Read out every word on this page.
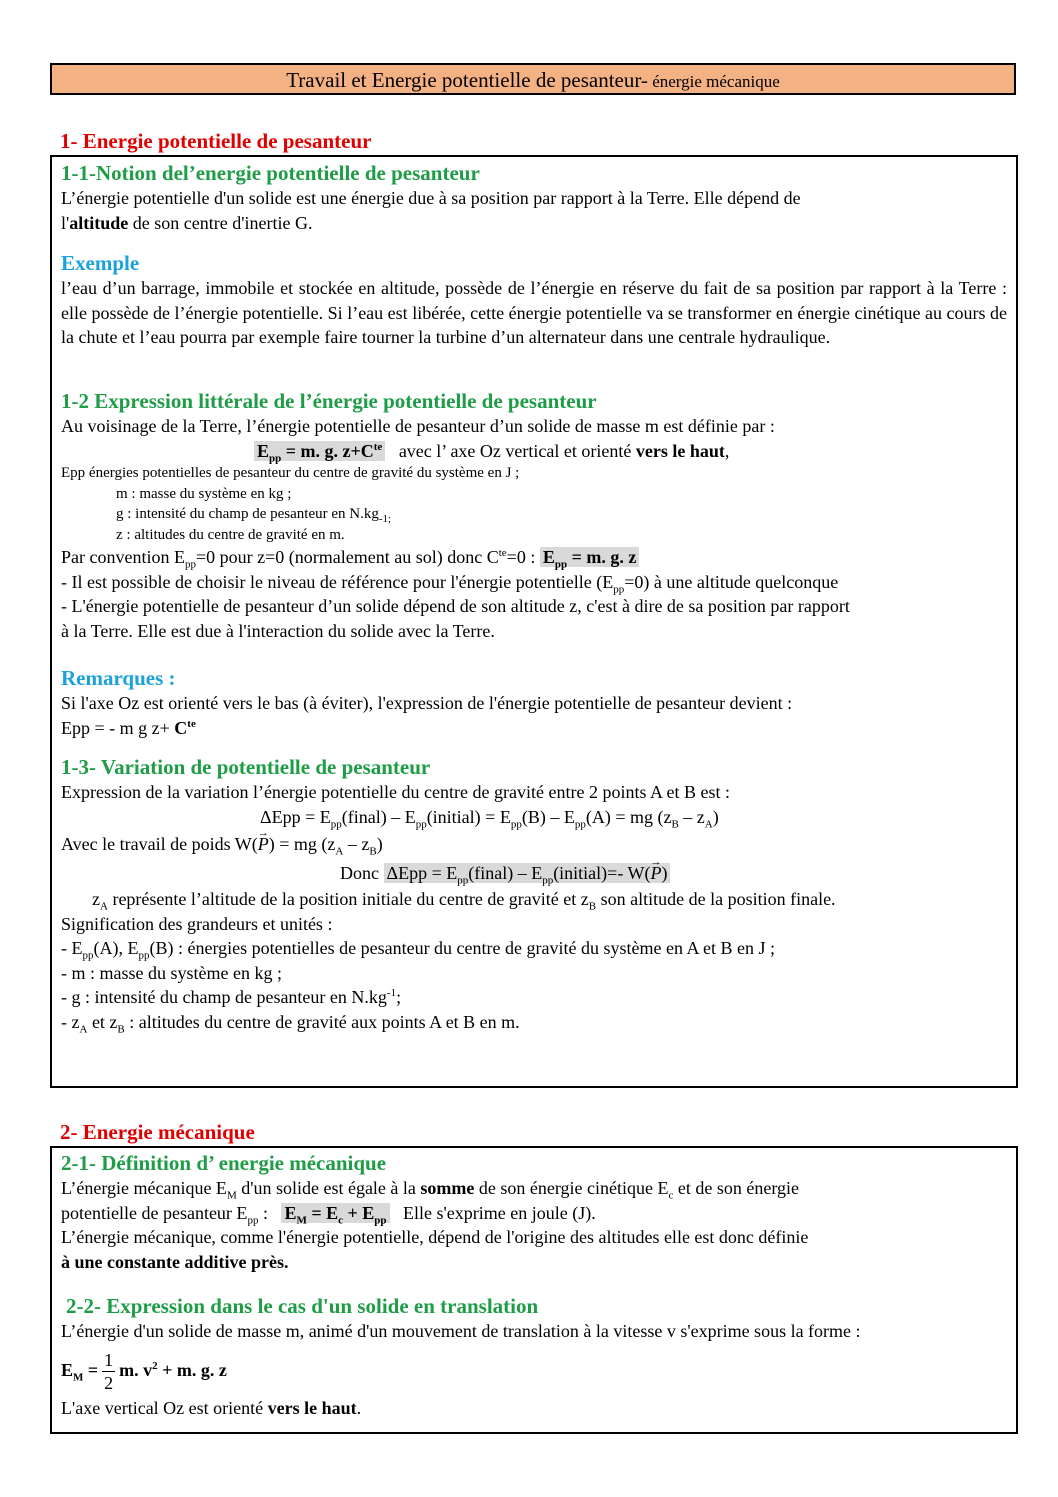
Travail et Energie potentielle de pesanteur- énergie mécanique
1- Energie potentielle de pesanteur
1-1-Notion del’energie potentielle de pesanteur
L’énergie potentielle d'un solide est une énergie due à sa position par rapport à la Terre. Elle dépend de
l'altitude de son centre d'inertie G.
Exemple
l’eau d’un barrage, immobile et stockée en altitude, possède de l’énergie en réserve du fait de sa position par rapport à la Terre : elle possède de l’énergie potentielle. Si l’eau est libérée, cette énergie potentielle va se transformer en énergie cinétique au cours de la chute et l’eau pourra par exemple faire tourner la turbine d’un alternateur dans une centrale hydraulique.
1-2 Expression littérale de l’énergie potentielle de pesanteur
Au voisinage de la Terre, l’énergie potentielle de pesanteur d’un solide de masse m est définie par :
$E_{pp} = m$. g. $z+C^{te}$ avec l’ axe Oz vertical et orienté vers le haut,
Epp énergies potentielles de pesanteur du centre de gravité du système en J ;
m : masse du système en kg ;
g : intensité du champ de pesanteur en $N.kg_{-1;}$
z : altitudes du centre de gravité en m.
Par convention $E_{pp}=0$ pour z=0 (normalement au sol) donc $C^{te}=0$ : $E_{pp} = m$. g. z
- Il est possible de choisir le niveau de référence pour l'énergie potentielle $(E_{pp}=0)$ à une altitude quelconque
- L'énergie potentielle de pesanteur d’un solide dépend de son altitude z, c'est à dire de sa position par rapport
à la Terre. Elle est due à l'interaction du solide avec la Terre.
Remarques :
Si l'axe Oz est orienté vers le bas (à éviter), l'expression de l'énergie potentielle de pesanteur devient :
Epp = - m g $z+ C^{te}$
1-3- Variation de potentielle de pesanteur
Expression de la variation l’énergie potentielle du centre de gravité entre 2 points A et B est :
$\Delta Epp = E_{pp}(final)$ – $E_{pp}(initial) = E_{pp}(B) - E_{pp}(A)$ = mg $(z_B - z_A)$
Avec le travail de poids W(→ P) = mg $(z_A - z_B)$
Donc $\Delta Epp = E_{pp}(final)$ – $E_{pp}(initial)=-$ W(→ P)
$z_A$ représente l’altitude de la position initiale du centre de gravité et $z_B$ son altitude de la position finale.
Signification des grandeurs et unités :
- $E_{pp}(A)$, $E_{pp}(B)$ : énergies potentielles de pesanteur du centre de gravité du système en A et B en J ;
- m : masse du système en kg ;
- g : intensité du champ de pesanteur en $N.kg^{-1}$;
- $z_A$ et $z_B$ : altitudes du centre de gravité aux points A et B en m.
2- Energie mécanique
2-1- Définition d’ energie mécanique
L’énergie mécanique $E_M$ d'un solide est égale à la somme de son énergie cinétique $E_c$ et de son énergie
potentielle de pesanteur $E_{pp}$ : $E_M = E_c + E_{pp}$ Elle s'exprime en joule (J).
L’énergie mécanique, comme l'énergie potentielle, dépend de l'origine des altitudes elle est donc définie
à une constante additive près.
2-2- Expression dans le cas d'un solide en translation
L’énergie d'un solide de masse m, animé d'un mouvement de translation à la vitesse v s'exprime sous la forme :
$E_M = \frac{1}{2} m$. $v^2 + m$. g. z
L'axe vertical Oz est orienté vers le haut.
